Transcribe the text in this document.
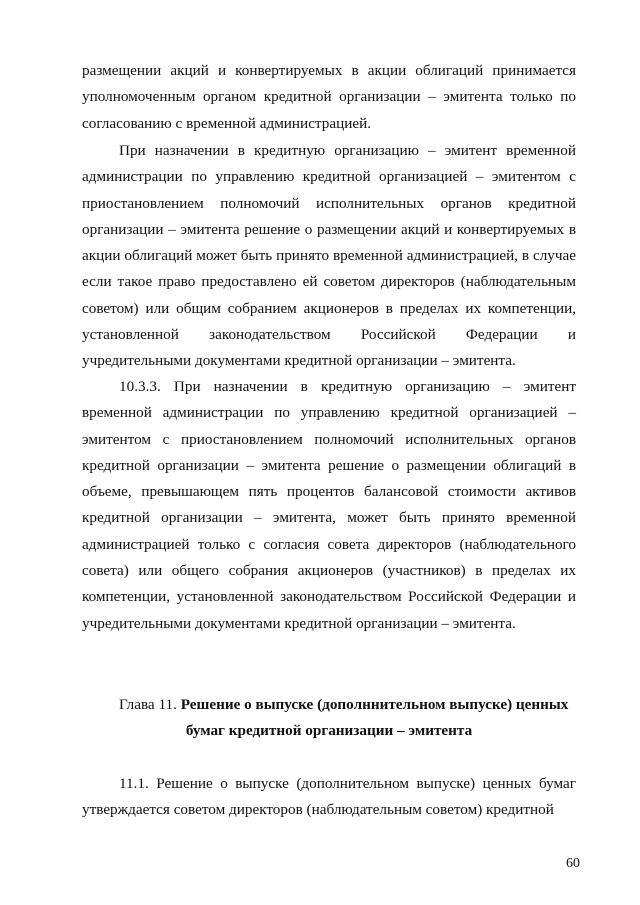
размещении акций и конвертируемых в акции облигаций принимается уполномоченным органом кредитной организации – эмитента только по согласованию с временной администрацией.

При назначении в кредитную организацию – эмитент временной администрации по управлению кредитной организацией – эмитентом с приостановлением полномочий исполнительных органов кредитной организации – эмитента решение о размещении акций и конвертируемых в акции облигаций может быть принято временной администрацией, в случае если такое право предоставлено ей советом директоров (наблюдательным советом) или общим собранием акционеров в пределах их компетенции, установленной законодательством Российской Федерации и учредительными документами кредитной организации – эмитента.

10.3.3. При назначении в кредитную организацию – эмитент временной администрации по управлению кредитной организацией – эмитентом с приостановлением полномочий исполнительных органов кредитной организации – эмитента решение о размещении облигаций в объеме, превышающем пять процентов балансовой стоимости активов кредитной организации – эмитента, может быть принято временной администрацией только с согласия совета директоров (наблюдательного совета) или общего собрания акционеров (участников) в пределах их компетенции, установленной законодательством Российской Федерации и учредительными документами кредитной организации – эмитента.

Глава 11. Решение о выпуске (дополннительном выпуске) ценных
бумаг кредитной организации – эмитента

11.1. Решение о выпуске (дополнительном выпуске) ценных бумаг утверждается советом директоров (наблюдательным советом) кредитной

60
